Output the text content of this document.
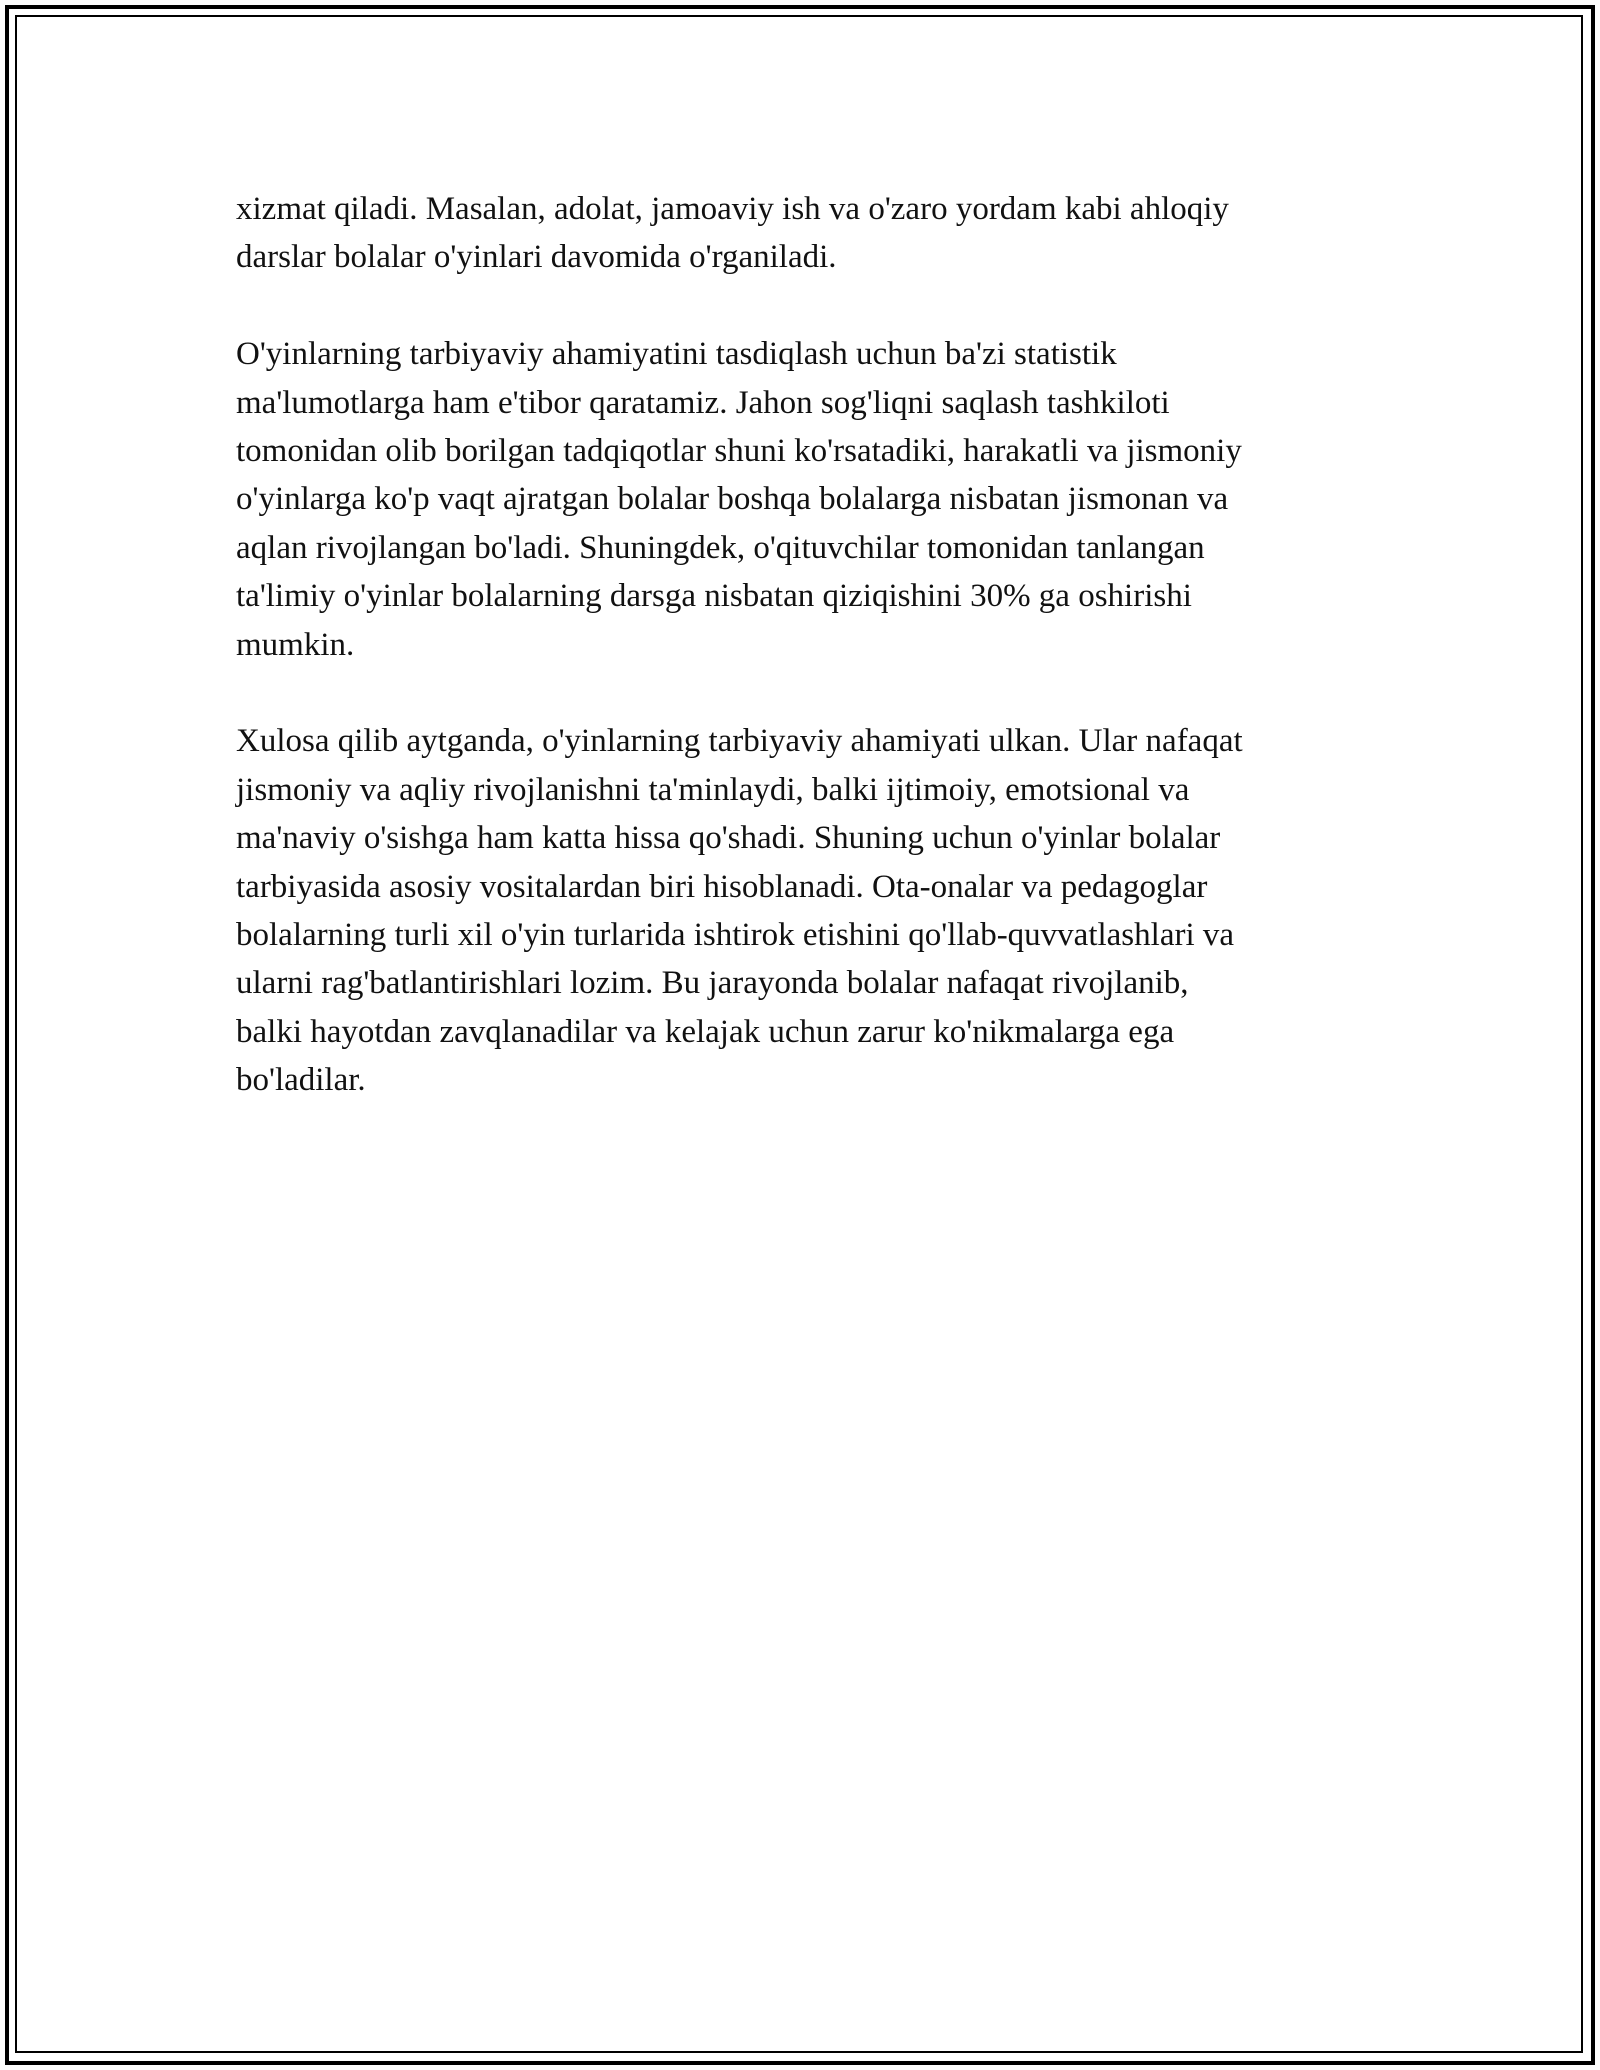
xizmat qiladi. Masalan, adolat, jamoaviy ish va o'zaro yordam kabi ahloqiy
darslar bolalar o'yinlari davomida o'rganiladi.

O'yinlarning tarbiyaviy ahamiyatini tasdiqlash uchun ba'zi statistik
ma'lumotlarga ham e'tibor qaratamiz. Jahon sog'liqni saqlash tashkiloti
tomonidan olib borilgan tadqiqotlar shuni ko'rsatadiki, harakatli va jismoniy
o'yinlarga ko'p vaqt ajratgan bolalar boshqa bolalarga nisbatan jismonan va
aqlan rivojlangan bo'ladi. Shuningdek, o'qituvchilar tomonidan tanlangan
ta'limiy o'yinlar bolalarning darsga nisbatan qiziqishini 30% ga oshirishi
mumkin.

Xulosa qilib aytganda, o'yinlarning tarbiyaviy ahamiyati ulkan. Ular nafaqat
jismoniy va aqliy rivojlanishni ta'minlaydi, balki ijtimoiy, emotsional va
ma'naviy o'sishga ham katta hissa qo'shadi. Shuning uchun o'yinlar bolalar
tarbiyasida asosiy vositalardan biri hisoblanadi. Ota-onalar va pedagoglar
bolalarning turli xil o'yin turlarida ishtirok etishini qo'llab-quvvatlashlari va
ularni rag'batlantirishlari lozim. Bu jarayonda bolalar nafaqat rivojlanib,
balki hayotdan zavqlanadilar va kelajak uchun zarur ko'nikmalarga ega
bo'ladilar.
